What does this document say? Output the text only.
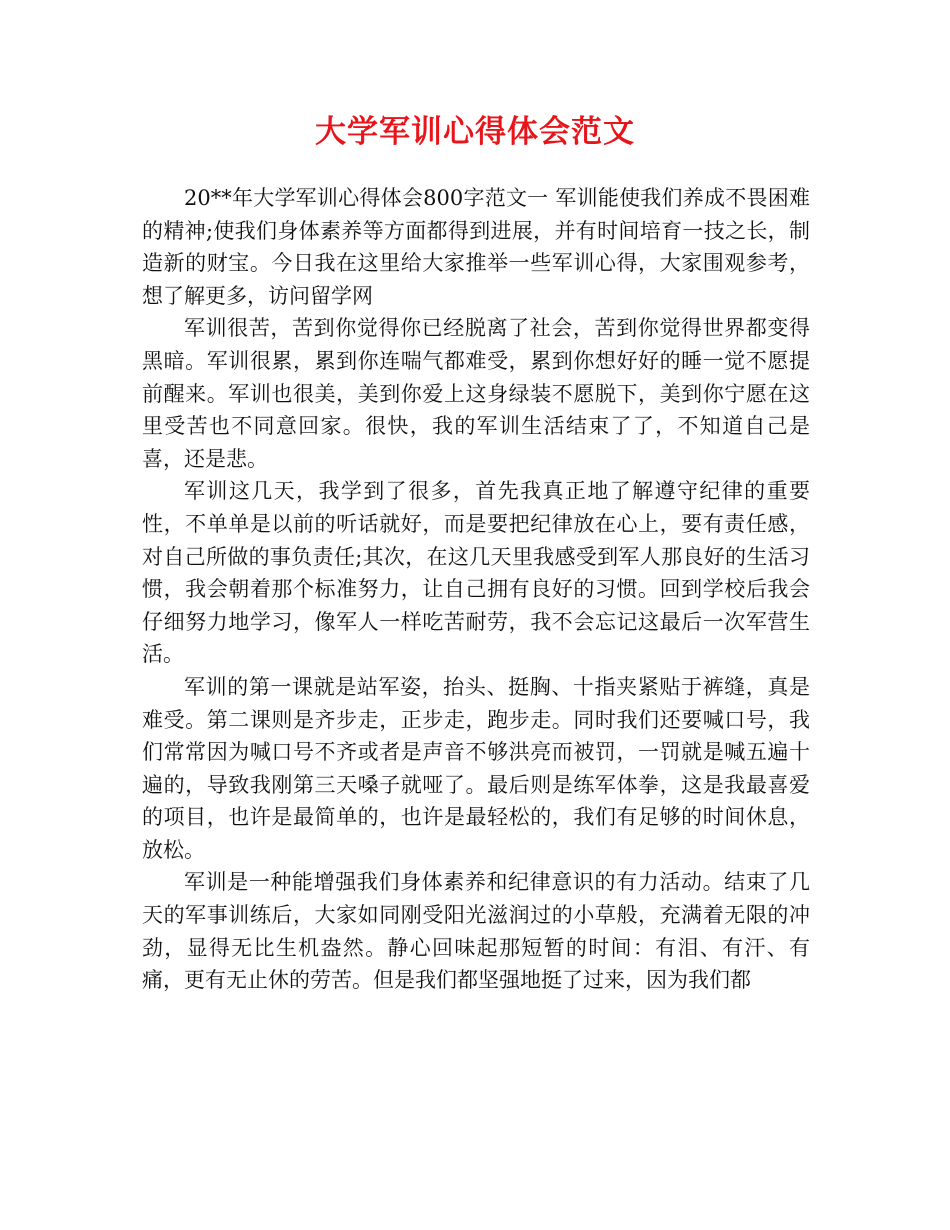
大学军训心得体会范文

20**年大学军训心得体会800字范文一 军训能使我们养成不畏困难的精神;使我们身体素养等方面都得到进展，并有时间培育一技之长，制造新的财宝。今日我在这里给大家推举一些军训心得，大家围观参考，想了解更多，访问留学网

军训很苦，苦到你觉得你已经脱离了社会，苦到你觉得世界都变得黑暗。军训很累，累到你连喘气都难受，累到你想好好的睡一觉不愿提前醒来。军训也很美，美到你爱上这身绿装不愿脱下，美到你宁愿在这里受苦也不同意回家。很快，我的军训生活结束了了，不知道自己是喜，还是悲。

军训这几天，我学到了很多，首先我真正地了解遵守纪律的重要性，不单单是以前的听话就好，而是要把纪律放在心上，要有责任感，对自己所做的事负责任;其次，在这几天里我感受到军人那良好的生活习惯，我会朝着那个标准努力，让自己拥有良好的习惯。回到学校后我会仔细努力地学习，像军人一样吃苦耐劳，我不会忘记这最后一次军营生活。

军训的第一课就是站军姿，抬头、挺胸、十指夹紧贴于裤缝，真是难受。第二课则是齐步走，正步走，跑步走。同时我们还要喊口号，我们常常因为喊口号不齐或者是声音不够洪亮而被罚，一罚就是喊五遍十遍的，导致我刚第三天嗓子就哑了。最后则是练军体拳，这是我最喜爱的项目，也许是最简单的，也许是最轻松的，我们有足够的时间休息，放松。

军训是一种能增强我们身体素养和纪律意识的有力活动。结束了几天的军事训练后，大家如同刚受阳光滋润过的小草般，充满着无限的冲劲，显得无比生机盎然。静心回味起那短暂的时间：有泪、有汗、有痛，更有无止休的劳苦。但是我们都坚强地挺了过来，因为我们都
